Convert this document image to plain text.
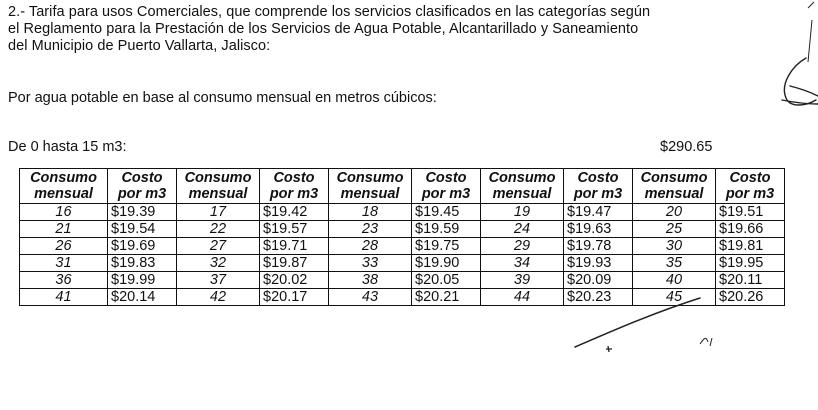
2.- Tarifa para usos Comerciales, que comprende los servicios clasificados en las categorías según
el Reglamento para la Prestación de los Servicios de Agua Potable, Alcantarillado y Saneamiento
del Municipio de Puerto Vallarta, Jalisco:
Por agua potable en base al consumo mensual en metros cúbicos:
De 0 hasta 15 m3:	$290.65
Consumo
mensual	Costo
por m3	Consumo
mensual	Costo
por m3	Consumo
mensual	Costo
por m3	Consumo
mensual	Costo
por m3	Consumo
mensual	Costo
por m3
16	$19.39	17	$19.42	18	$19.45	19	$19.47	20	$19.51
21	$19.54	22	$19.57	23	$19.59	24	$19.63	25	$19.66
26	$19.69	27	$19.71	28	$19.75	29	$19.78	30	$19.81
31	$19.83	32	$19.87	33	$19.90	34	$19.93	35	$19.95
36	$19.99	37	$20.02	38	$20.05	39	$20.09	40	$20.11
41	$20.14	42	$20.17	43	$20.21	44	$20.23	45	$20.26
